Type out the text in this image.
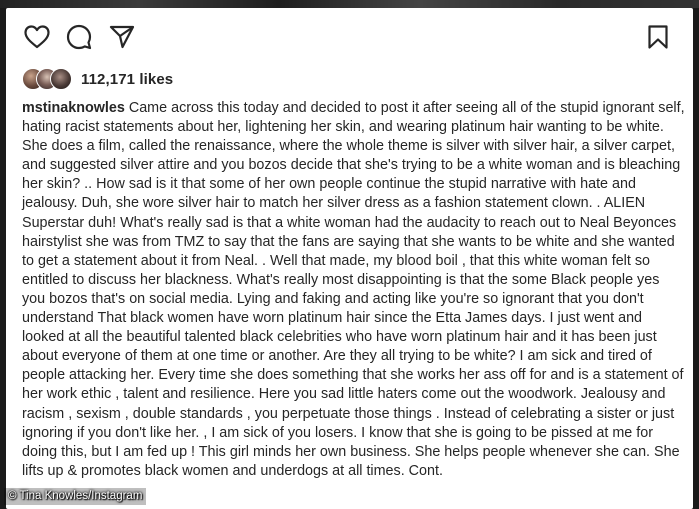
112,171 likes
mstinaknowles Came across this today and decided to post it after seeing all of the stupid ignorant self, hating racist statements about her, lightening her skin, and wearing platinum hair wanting to be white. She does a film, called the renaissance, where the whole theme is silver with silver hair, a silver carpet, and suggested silver attire and you bozos decide that she's trying to be a white woman and is bleaching her skin? .. How sad is it that some of her own people continue the stupid narrative with hate and jealousy. Duh, she wore silver hair to match her silver dress as a fashion statement clown. . ALIEN Superstar duh! What's really sad is that a white woman had the audacity to reach out to Neal Beyonces hairstylist she was from TMZ to say that the fans are saying that she wants to be white and she wanted to get a statement about it from Neal. . Well that made, my blood boil , that this white woman felt so entitled to discuss her blackness. What's really most disappointing is that the some Black people yes you bozos that's on social media. Lying and faking and acting like you're so ignorant that you don't understand That black women have worn platinum hair since the Etta James days. I just went and looked at all the beautiful talented black celebrities who have worn platinum hair and it has been just about everyone of them at one time or another. Are they all trying to be white? I am sick and tired of people attacking her. Every time she does something that she works her ass off for and is a statement of her work ethic , talent and resilience. Here you sad little haters come out the woodwork. Jealousy and racism , sexism , double standards , you perpetuate those things . Instead of celebrating a sister or just ignoring if you don't like her. , I am sick of you losers. I know that she is going to be pissed at me for doing this, but I am fed up ! This girl minds her own business. She helps people whenever she can. She lifts up & promotes black women and underdogs at all times. Cont.
© Tina Knowles/Instagram
